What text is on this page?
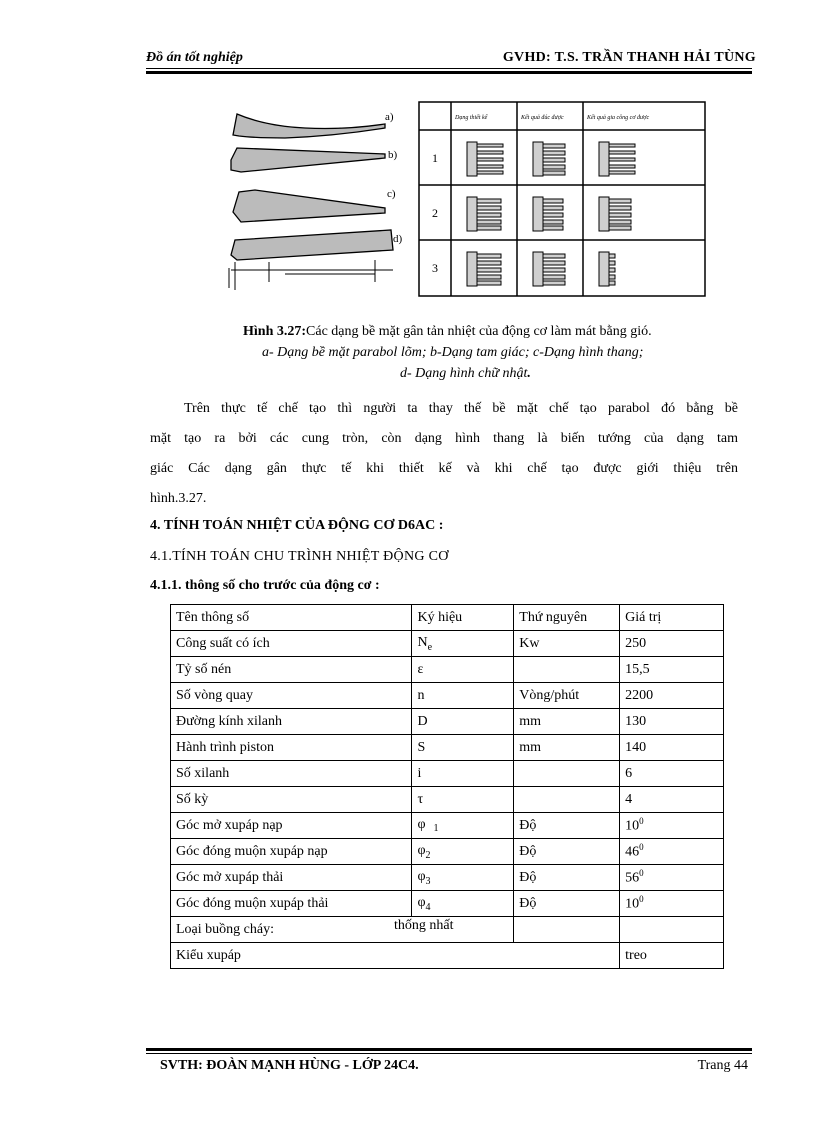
Đồ án tốt nghiệp	GVHD: T.S. TRẦN THANH HẢI TÙNG
a)
b)
c)
d)
Dạng thiết kế	Kết quả đúc được	Kết quả gia công cơ được
1
2
3
Hình 3.27:Các dạng bề mặt gân tản nhiệt của động cơ làm mát bằng gió.
a- Dạng bề mặt parabol lõm; b-Dạng tam giác; c-Dạng hình thang;
d- Dạng hình chữ nhật.
Trên thực tế chế tạo thì người ta thay thế bề mặt chế tạo parabol đó bằng bề
mặt tạo ra bởi các cung tròn, còn dạng hình thang là biến tướng của dạng tam
giác Các dạng gân thực tế khi thiết kế và khi chế tạo được giới thiệu trên
hình.3.27.
4. TÍNH TOÁN NHIỆT CỦA ĐỘNG CƠ D6AC :
4.1.TÍNH TOÁN CHU TRÌNH NHIỆT ĐỘNG CƠ
4.1.1. thông số cho trước của động cơ :
Tên thông số	Ký hiệu	Thứ nguyên	Giá trị
Công suất có ích	$N_e$	Kw	250
Tỷ số nén	ε		15,5
Số vòng quay	n	Vòng/phút	2200
Đường kính xilanh	D	mm	130
Hành trình piston	S	mm	140
Số xilanh	i		6
Số kỳ	τ		4
Góc mở xupáp nạp	φ $_1$	Độ	$10^0$
Góc đóng muộn xupáp nạp	$\varphi_2$	Độ	$46^0$
Góc mở xupáp thải	$\varphi_3$	Độ	$56^0$
Góc đóng muộn xupáp thải	$\varphi_4$	Độ	$10^0$
Loại buồng cháy: thống nhất			
Kiểu xupáp			treo
SVTH: ĐOÀN MẠNH HÙNG - LỚP 24C4.	Trang 44
